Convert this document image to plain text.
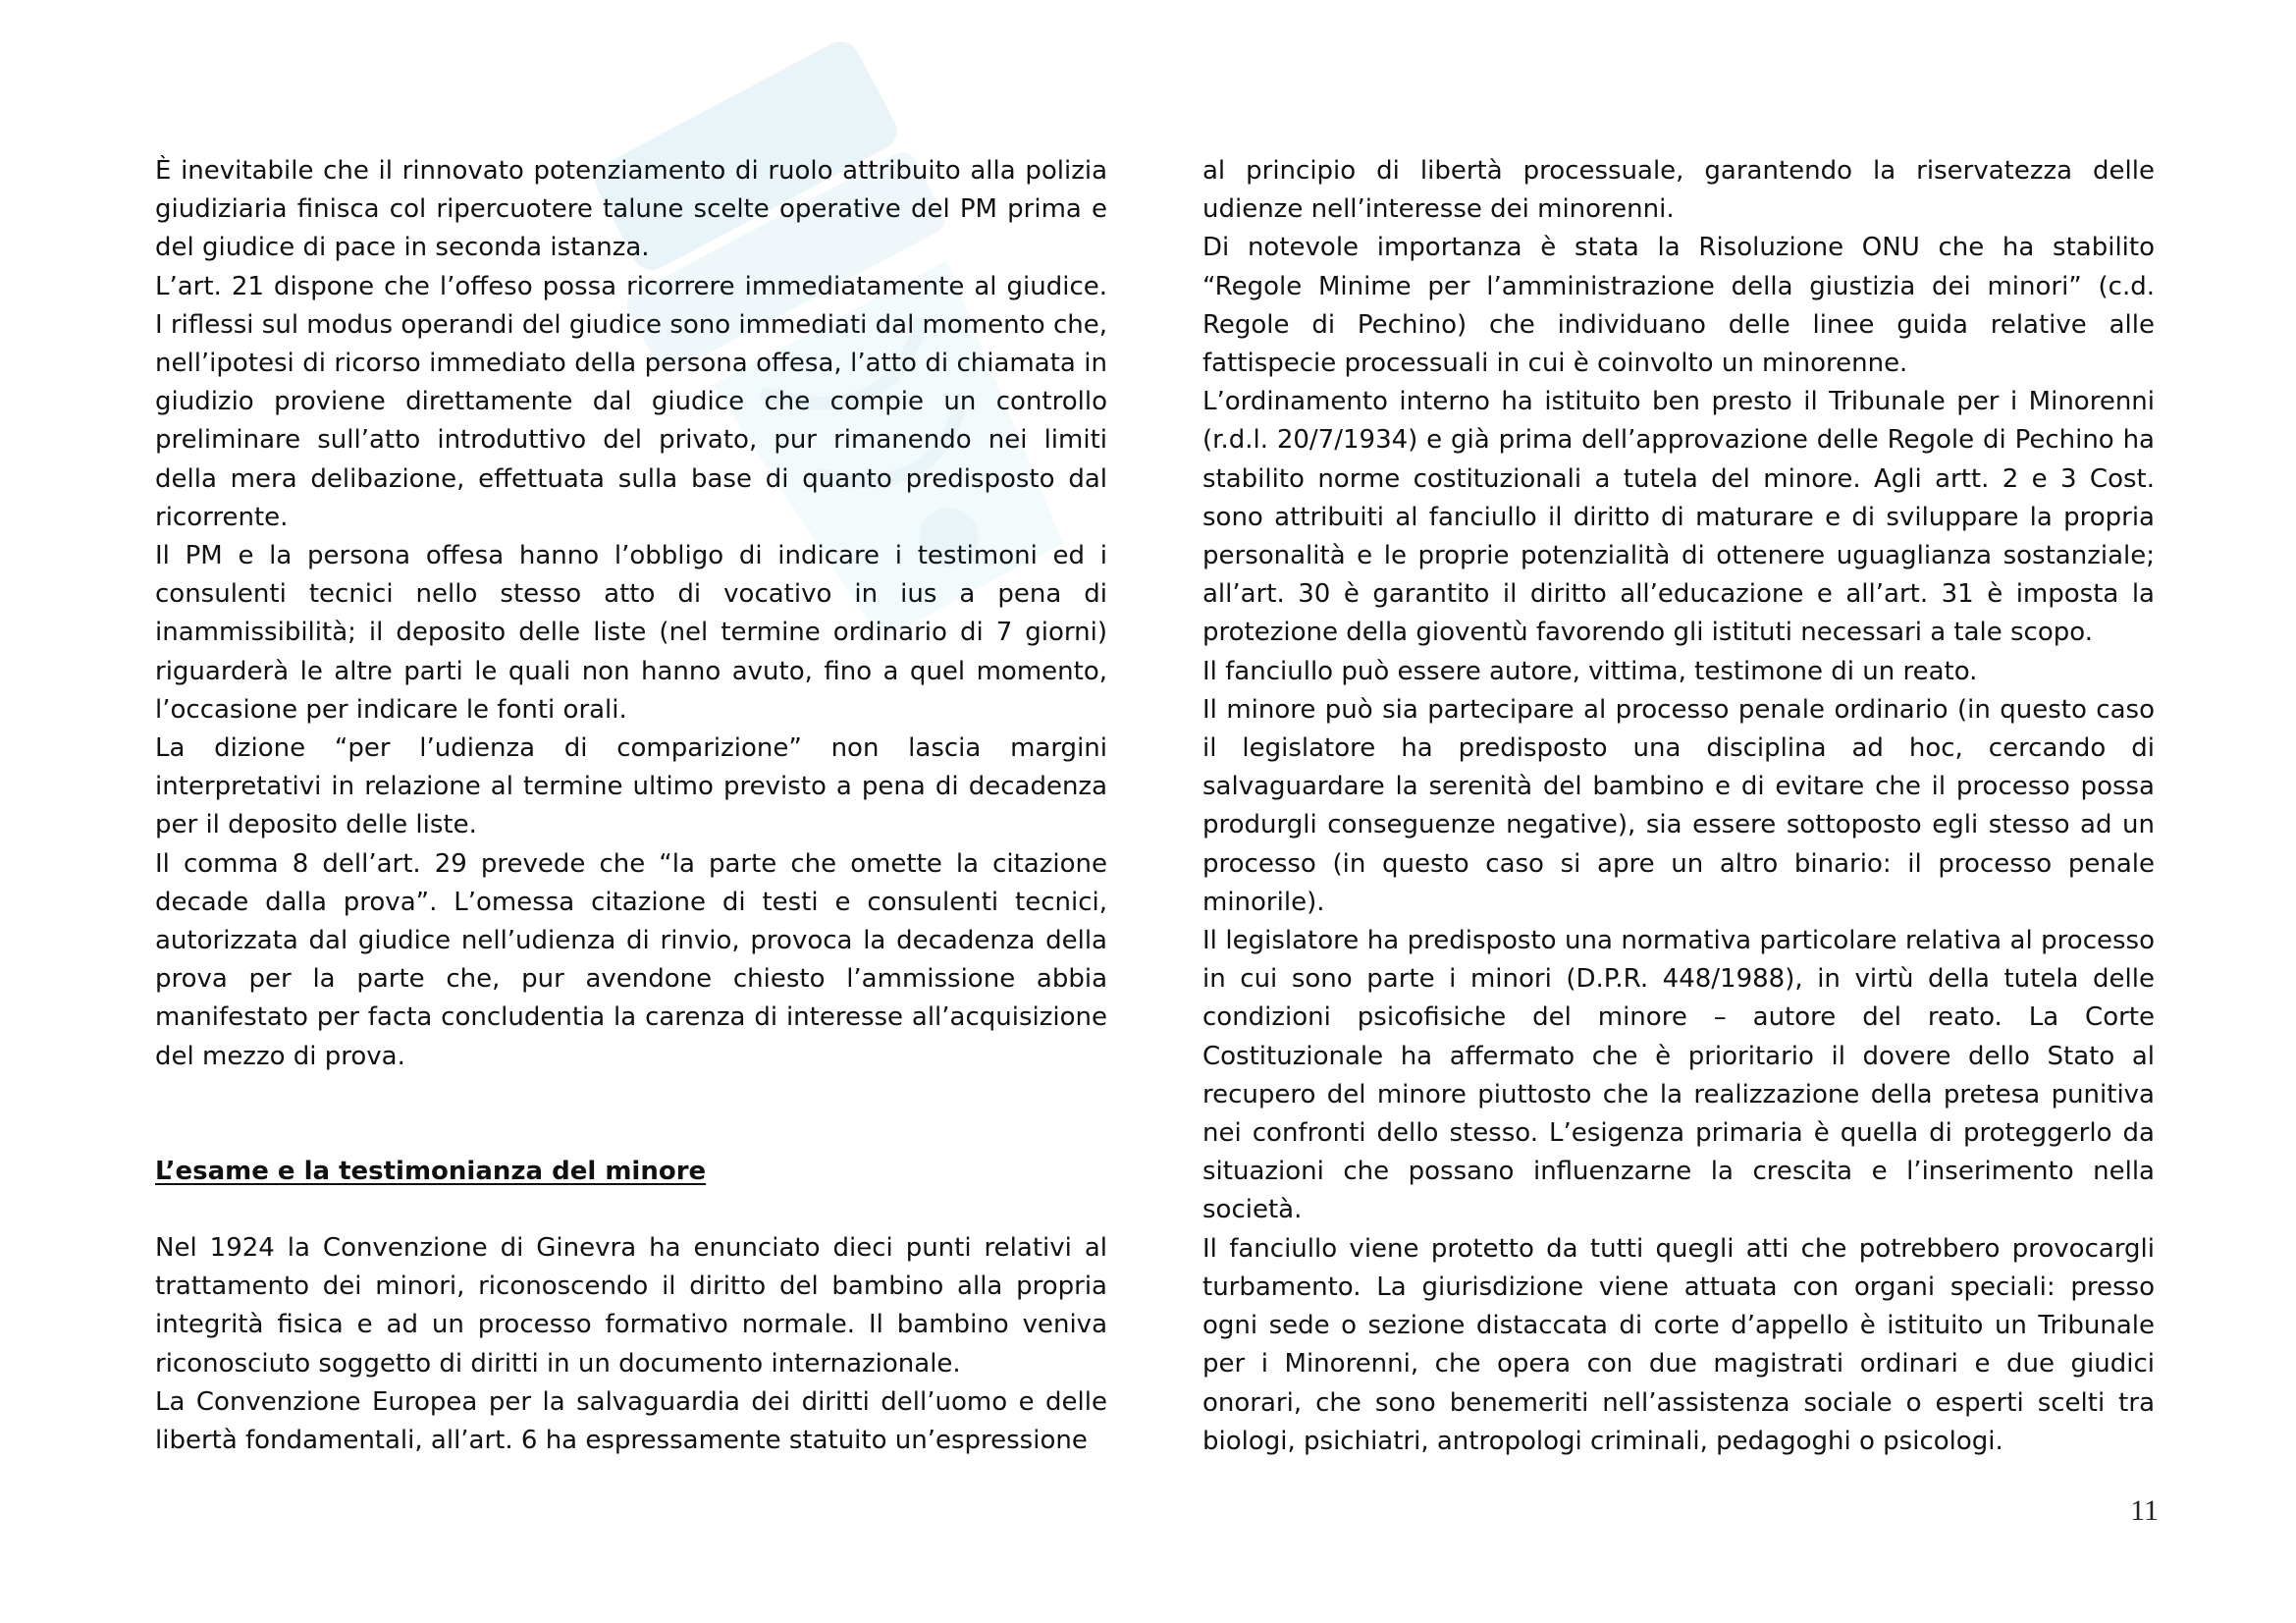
È inevitabile che il rinnovato potenziamento di ruolo attribuito alla polizia giudiziaria finisca col ripercuotere talune scelte operative del PM prima e del giudice di pace in seconda istanza.

L’art. 21 dispone che l’offeso possa ricorrere immediatamente al giudice. I riflessi sul modus operandi del giudice sono immediati dal momento che, nell’ipotesi di ricorso immediato della persona offesa, l’atto di chiamata in giudizio proviene direttamente dal giudice che compie un controllo preliminare sull’atto introduttivo del privato, pur rimanendo nei limiti della mera delibazione, effettuata sulla base di quanto predisposto dal ricorrente.

Il PM e la persona offesa hanno l’obbligo di indicare i testimoni ed i consulenti tecnici nello stesso atto di vocativo in ius a pena di inammissibilità; il deposito delle liste (nel termine ordinario di 7 giorni) riguarderà le altre parti le quali non hanno avuto, fino a quel momento, l’occasione per indicare le fonti orali.

La dizione “per l’udienza di comparizione” non lascia margini interpretativi in relazione al termine ultimo previsto a pena di decadenza per il deposito delle liste.

Il comma 8 dell’art. 29 prevede che “la parte che omette la citazione decade dalla prova”. L’omessa citazione di testi e consulenti tecnici, autorizzata dal giudice nell’udienza di rinvio, provoca la decadenza della prova per la parte che, pur avendone chiesto l’ammissione abbia manifestato per facta concludentia la carenza di interesse all’acquisizione del mezzo di prova.

L’esame e la testimonianza del minore

Nel 1924 la Convenzione di Ginevra ha enunciato dieci punti relativi al trattamento dei minori, riconoscendo il diritto del bambino alla propria integrità fisica e ad un processo formativo normale. Il bambino veniva riconosciuto soggetto di diritti in un documento internazionale.

La Convenzione Europea per la salvaguardia dei diritti dell’uomo e delle libertà fondamentali, all’art. 6 ha espressamente statuito un’espressione

al principio di libertà processuale, garantendo la riservatezza delle udienze nell’interesse dei minorenni.

Di notevole importanza è stata la Risoluzione ONU che ha stabilito “Regole Minime per l’amministrazione della giustizia dei minori” (c.d. Regole di Pechino) che individuano delle linee guida relative alle fattispecie processuali in cui è coinvolto un minorenne.

L’ordinamento interno ha istituito ben presto il Tribunale per i Minorenni (r.d.l. 20/7/1934) e già prima dell’approvazione delle Regole di Pechino ha stabilito norme costituzionali a tutela del minore. Agli artt. 2 e 3 Cost. sono attribuiti al fanciullo il diritto di maturare e di sviluppare la propria personalità e le proprie potenzialità di ottenere uguaglianza sostanziale; all’art. 30 è garantito il diritto all’educazione e all’art. 31 è imposta la protezione della gioventù favorendo gli istituti necessari a tale scopo.

Il fanciullo può essere autore, vittima, testimone di un reato.

Il minore può sia partecipare al processo penale ordinario (in questo caso il legislatore ha predisposto una disciplina ad hoc, cercando di salvaguardare la serenità del bambino e di evitare che il processo possa produrgli conseguenze negative), sia essere sottoposto egli stesso ad un processo (in questo caso si apre un altro binario: il processo penale minorile).

Il legislatore ha predisposto una normativa particolare relativa al processo in cui sono parte i minori (D.P.R. 448/1988), in virtù della tutela delle condizioni psicofisiche del minore – autore del reato. La Corte Costituzionale ha affermato che è prioritario il dovere dello Stato al recupero del minore piuttosto che la realizzazione della pretesa punitiva nei confronti dello stesso. L’esigenza primaria è quella di proteggerlo da situazioni che possano influenzarne la crescita e l’inserimento nella società.

Il fanciullo viene protetto da tutti quegli atti che potrebbero provocargli turbamento. La giurisdizione viene attuata con organi speciali: presso ogni sede o sezione distaccata di corte d’appello è istituito un Tribunale per i Minorenni, che opera con due magistrati ordinari e due giudici onorari, che sono benemeriti nell’assistenza sociale o esperti scelti tra biologi, psichiatri, antropologi criminali, pedagoghi o psicologi.

11
